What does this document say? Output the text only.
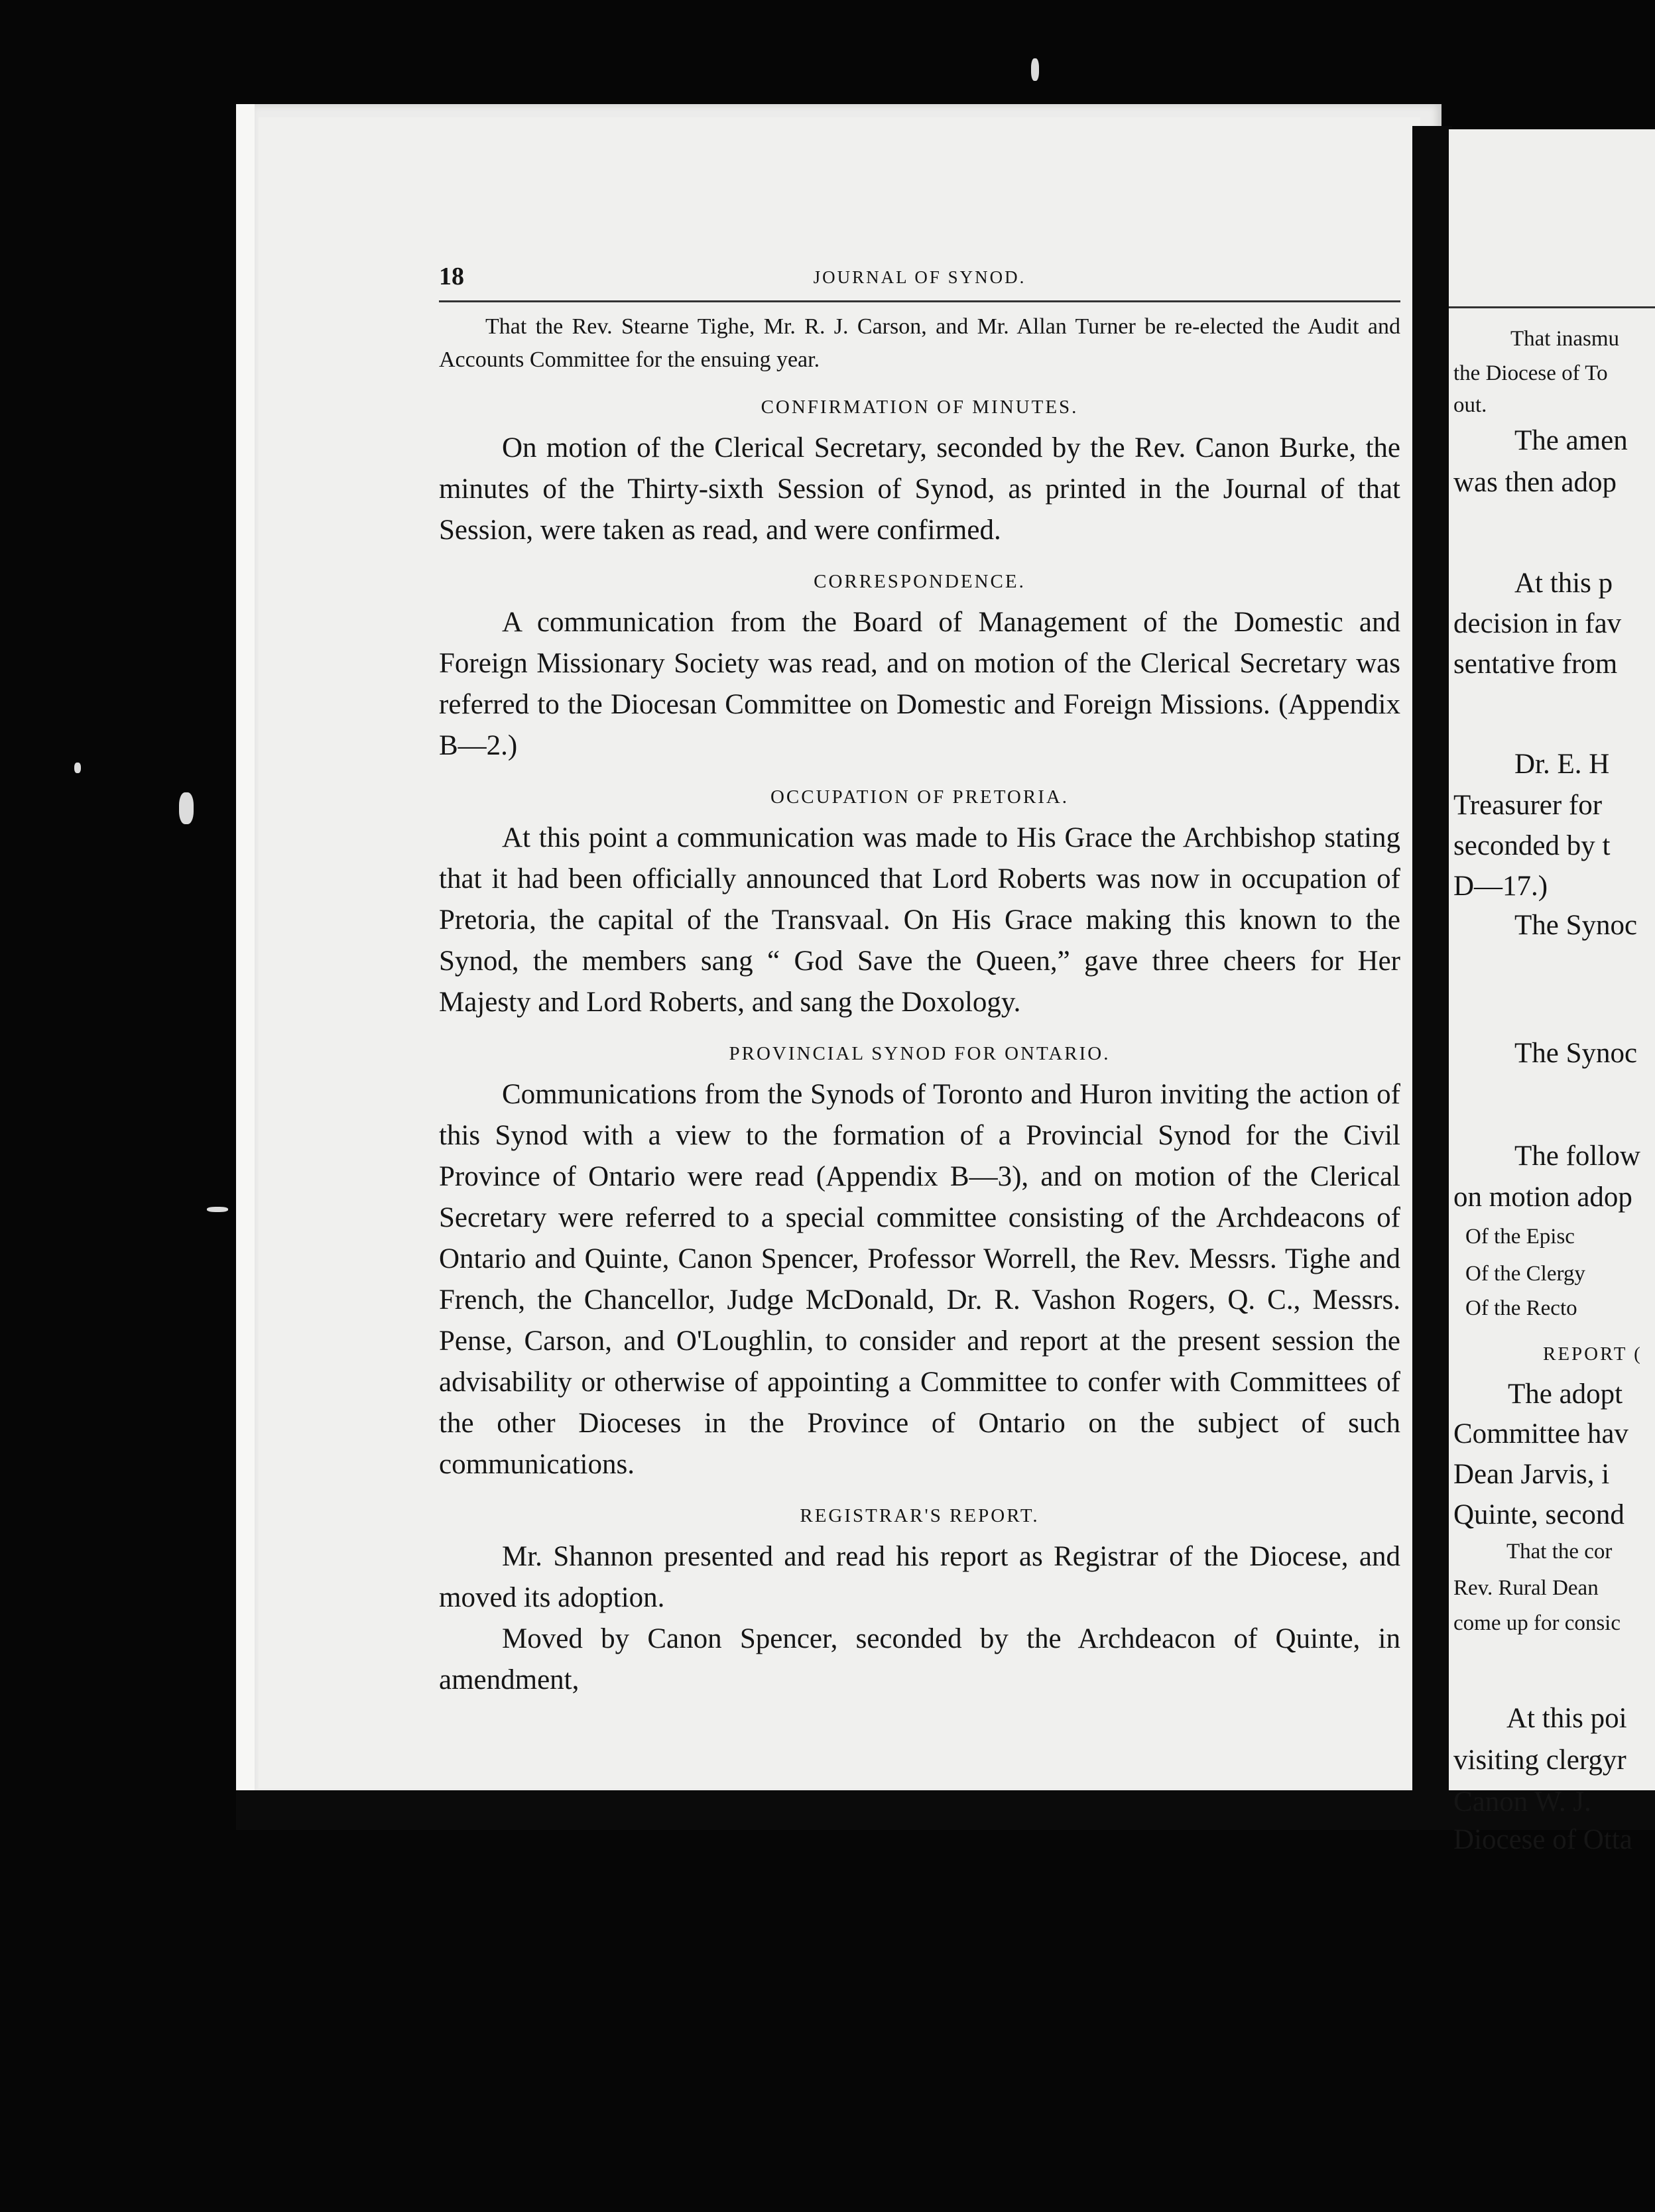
18	JOURNAL OF SYNOD.

That the Rev. Stearne Tighe, Mr. R. J. Carson, and Mr. Allan Turner be re-elected the Audit and Accounts Committee for the ensuing year.

CONFIRMATION OF MINUTES.

On motion of the Clerical Secretary, seconded by the Rev. Canon Burke, the minutes of the Thirty-sixth Session of Synod, as printed in the Journal of that Session, were taken as read, and were confirmed.

CORRESPONDENCE.

A communication from the Board of Management of the Domestic and Foreign Missionary Society was read, and on motion of the Clerical Secretary was referred to the Diocesan Committee on Domestic and Foreign Missions. (Appendix B—2.)

OCCUPATION OF PRETORIA.

At this point a communication was made to His Grace the Archbishop stating that it had been officially announced that Lord Roberts was now in occupation of Pretoria, the capital of the Transvaal. On His Grace making this known to the Synod, the members sang “ God Save the Queen,” gave three cheers for Her Majesty and Lord Roberts, and sang the Doxology.

PROVINCIAL SYNOD FOR ONTARIO.

Communications from the Synods of Toronto and Huron inviting the action of this Synod with a view to the formation of a Provincial Synod for the Civil Province of Ontario were read (Appendix B—3), and on motion of the Clerical Secretary were referred to a special committee consisting of the Archdeacons of Ontario and Quinte, Canon Spencer, Professor Worrell, the Rev. Messrs. Tighe and French, the Chancellor, Judge McDonald, Dr. R. Vashon Rogers, Q. C., Messrs. Pense, Carson, and O'Loughlin, to consider and report at the present session the advisability or otherwise of appointing a Committee to confer with Committees of the other Dioceses in the Province of Ontario on the subject of such communications.

REGISTRAR'S REPORT.

Mr. Shannon presented and read his report as Registrar of the Diocese, and moved its adoption.

Moved by Canon Spencer, seconded by the Archdeacon of Quinte, in amendment,

That inasmu
the Diocese of To
out.
The amen
was then adop
At this p
decision in fav
sentative from
Dr. E. H
Treasurer for
seconded by t
D—17.)
The Synoc
The Synoc
The follow
on motion adop
Of the Episc
Of the Clergy
Of the Recto
REPORT (
The adopt
Committee hav
Dean Jarvis, i
Quinte, second
That the cor
Rev. Rural Dean
come up for consic
At this poi
visiting clergyr
Canon W. J.
Diocese of Otta
